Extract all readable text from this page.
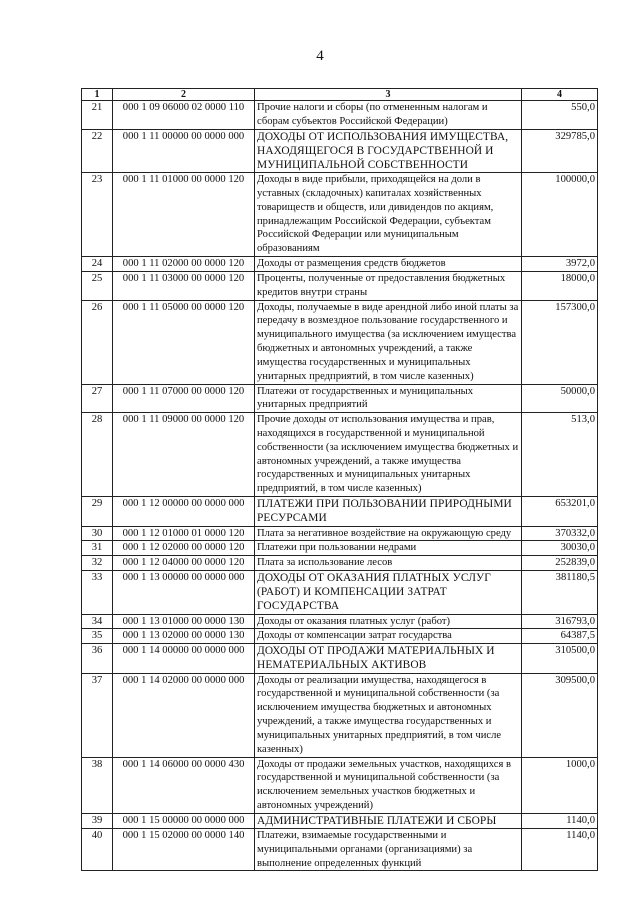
4
1	2	3	4
21	000 1 09 06000 02 0000 110	Прочие налоги и сборы (по отмененным налогам и сборам субъектов Российской Федерации)	550,0
22	000 1 11 00000 00 0000 000	ДОХОДЫ ОТ ИСПОЛЬЗОВАНИЯ ИМУЩЕСТВА, НАХОДЯЩЕГОСЯ В ГОСУДАРСТВЕННОЙ И МУНИЦИПАЛЬНОЙ СОБСТВЕННОСТИ	329785,0
23	000 1 11 01000 00 0000 120	Доходы в виде прибыли, приходящейся на доли в уставных (складочных) капиталах хозяйственных товариществ и обществ, или дивидендов по акциям, принадлежащим Российской Федерации, субъектам Российской Федерации или муниципальным образованиям	100000,0
24	000 1 11 02000 00 0000 120	Доходы от размещения средств бюджетов	3972,0
25	000 1 11 03000 00 0000 120	Проценты, полученные от предоставления бюджетных кредитов внутри страны	18000,0
26	000 1 11 05000 00 0000 120	Доходы, получаемые в виде арендной либо иной платы за передачу в возмездное пользование государственного и муниципального имущества (за исключением имущества бюджетных и автономных учреждений, а также имущества государственных и муниципальных унитарных предприятий, в том числе казенных)	157300,0
27	000 1 11 07000 00 0000 120	Платежи от государственных и муниципальных унитарных предприятий	50000,0
28	000 1 11 09000 00 0000 120	Прочие доходы от использования имущества и прав, находящихся в государственной и муниципальной собственности (за исключением имущества бюджетных и автономных учреждений, а также имущества государственных и муниципальных унитарных предприятий, в том числе казенных)	513,0
29	000 1 12 00000 00 0000 000	ПЛАТЕЖИ ПРИ ПОЛЬЗОВАНИИ ПРИРОДНЫМИ РЕСУРСАМИ	653201,0
30	000 1 12 01000 01 0000 120	Плата за негативное воздействие на окружающую среду	370332,0
31	000 1 12 02000 00 0000 120	Платежи при пользовании недрами	30030,0
32	000 1 12 04000 00 0000 120	Плата за использование лесов	252839,0
33	000 1 13 00000 00 0000 000	ДОХОДЫ ОТ ОКАЗАНИЯ ПЛАТНЫХ УСЛУГ (РАБОТ) И КОМПЕНСАЦИИ ЗАТРАТ ГОСУДАРСТВА	381180,5
34	000 1 13 01000 00 0000 130	Доходы от оказания платных услуг (работ)	316793,0
35	000 1 13 02000 00 0000 130	Доходы от компенсации затрат государства	64387,5
36	000 1 14 00000 00 0000 000	ДОХОДЫ ОТ ПРОДАЖИ МАТЕРИАЛЬНЫХ И НЕМАТЕРИАЛЬНЫХ АКТИВОВ	310500,0
37	000 1 14 02000 00 0000 000	Доходы от реализации имущества, находящегося в государственной и муниципальной собственности (за исключением имущества бюджетных и автономных учреждений, а также имущества государственных и муниципальных унитарных предприятий, в том числе казенных)	309500,0
38	000 1 14 06000 00 0000 430	Доходы от продажи земельных участков, находящихся в государственной и муниципальной собственности (за исключением земельных участков бюджетных и автономных учреждений)	1000,0
39	000 1 15 00000 00 0000 000	АДМИНИСТРАТИВНЫЕ ПЛАТЕЖИ И СБОРЫ	1140,0
40	000 1 15 02000 00 0000 140	Платежи, взимаемые государственными и муниципальными органами (организациями) за выполнение определенных функций	1140,0
